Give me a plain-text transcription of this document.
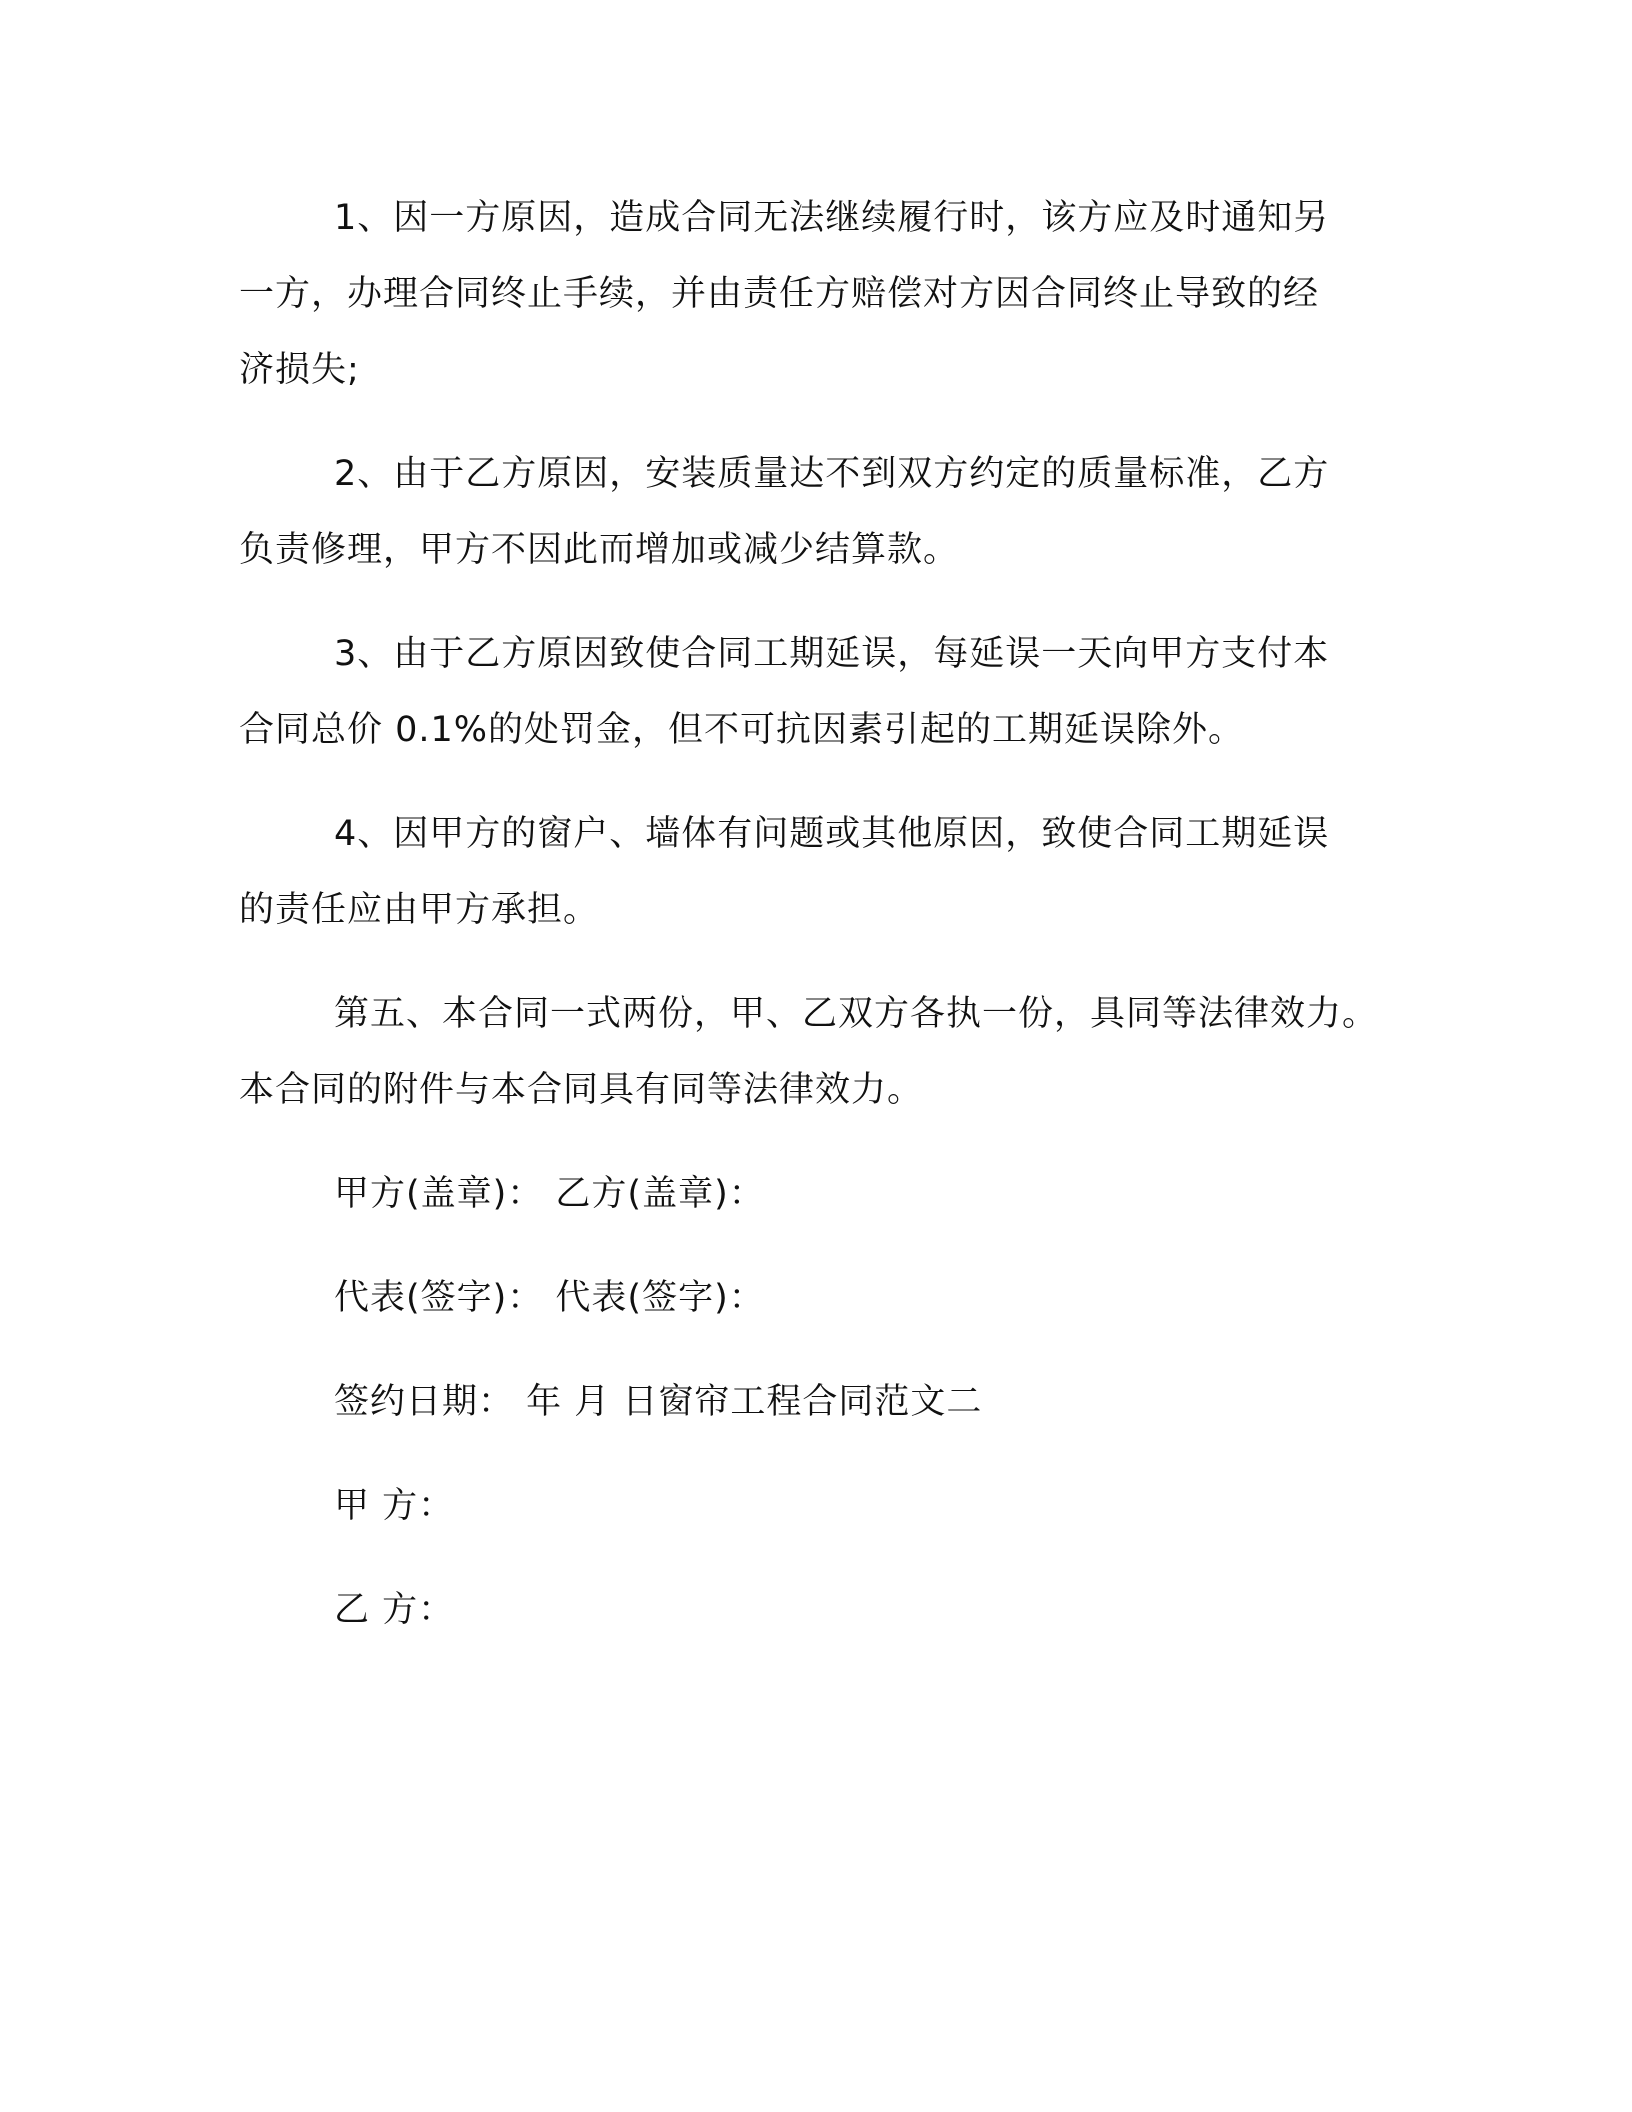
1、因一方原因，造成合同无法继续履行时，该方应及时通知另
一方，办理合同终止手续，并由责任方赔偿对方因合同终止导致的经
济损失;
2、由于乙方原因，安装质量达不到双方约定的质量标准，乙方
负责修理，甲方不因此而增加或减少结算款。
3、由于乙方原因致使合同工期延误，每延误一天向甲方支付本
合同总价 0.1%的处罚金，但不可抗因素引起的工期延误除外。
4、因甲方的窗户、墙体有问题或其他原因，致使合同工期延误
的责任应由甲方承担。
第五、本合同一式两份，甲、乙双方各执一份，具同等法律效力。
本合同的附件与本合同具有同等法律效力。
甲方(盖章)： 乙方(盖章)：
代表(签字)： 代表(签字)：
签约日期： 年 月 日窗帘工程合同范文二
甲 方：
乙 方：
